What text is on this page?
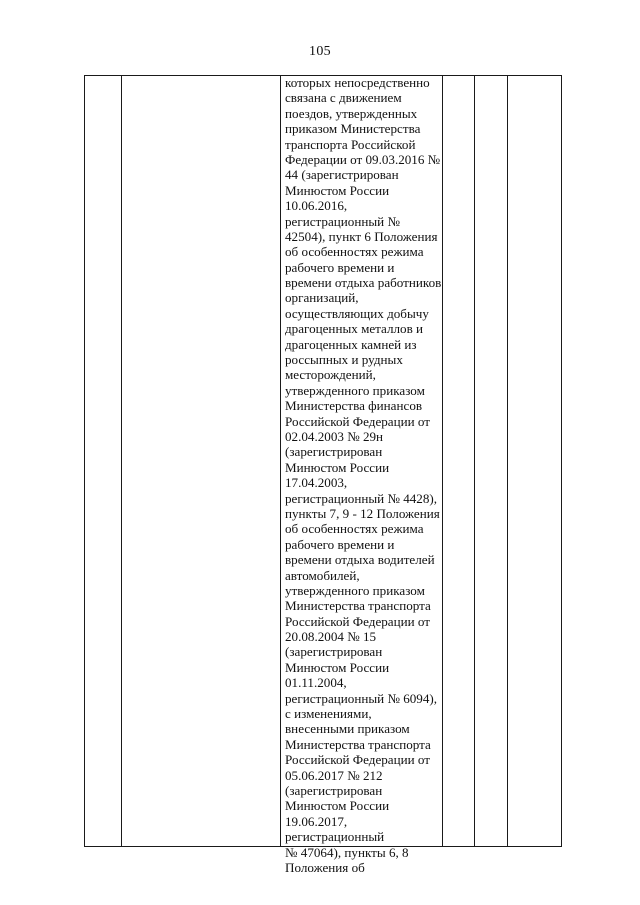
105
которых непосредственно
связана с движением
поездов, утвержденных
приказом Министерства
транспорта Российской
Федерации от 09.03.2016 №
44 (зарегистрирован
Минюстом России
10.06.2016,
регистрационный №
42504), пункт 6 Положения
об особенностях режима
рабочего времени и
времени отдыха работников
организаций,
осуществляющих добычу
драгоценных металлов и
драгоценных камней из
россыпных и рудных
месторождений,
утвержденного приказом
Министерства финансов
Российской Федерации от
02.04.2003 № 29н
(зарегистрирован
Минюстом России
17.04.2003,
регистрационный № 4428),
пункты 7, 9 - 12 Положения
об особенностях режима
рабочего времени и
времени отдыха водителей
автомобилей,
утвержденного приказом
Министерства транспорта
Российской Федерации от
20.08.2004 № 15
(зарегистрирован
Минюстом России
01.11.2004,
регистрационный № 6094),
с изменениями,
внесенными приказом
Министерства транспорта
Российской Федерации от
05.06.2017 № 212
(зарегистрирован
Минюстом России
19.06.2017,
регистрационный
№ 47064), пункты 6, 8
Положения об
